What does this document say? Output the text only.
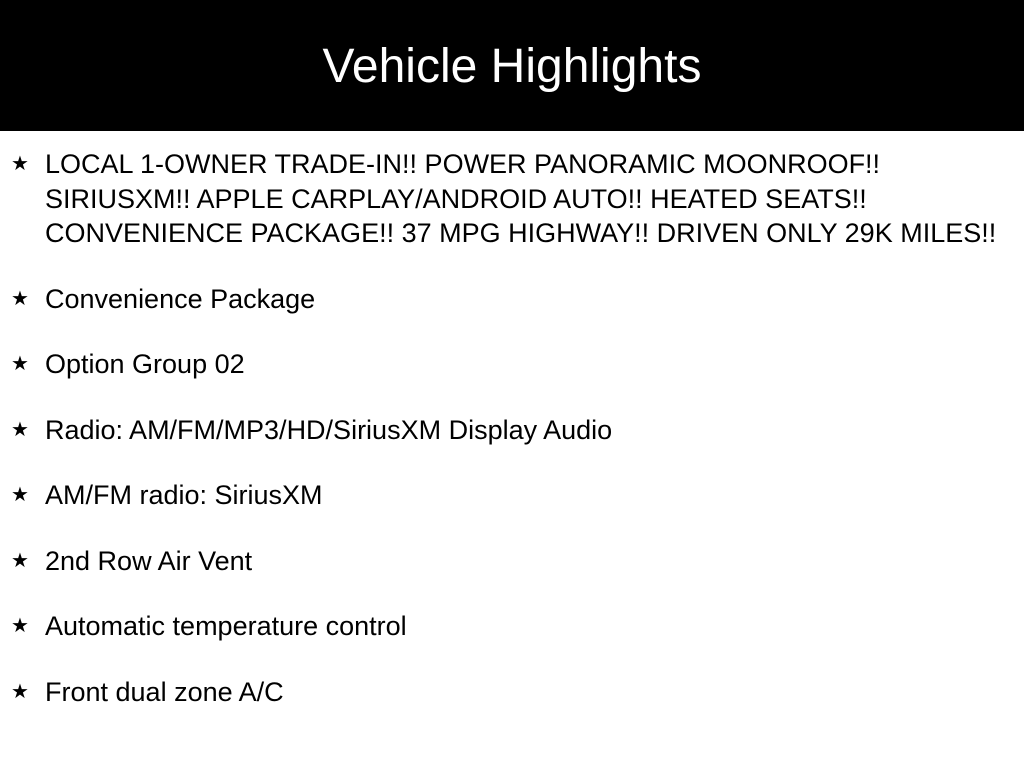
Vehicle Highlights
★ LOCAL 1-OWNER TRADE-IN!! POWER PANORAMIC MOONROOF!! SIRIUSXM!! APPLE CARPLAY/ANDROID AUTO!! HEATED SEATS!! CONVENIENCE PACKAGE!! 37 MPG HIGHWAY!! DRIVEN ONLY 29K MILES!!
★ Convenience Package
★ Option Group 02
★ Radio: AM/FM/MP3/HD/SiriusXM Display Audio
★ AM/FM radio: SiriusXM
★ 2nd Row Air Vent
★ Automatic temperature control
★ Front dual zone A/C
